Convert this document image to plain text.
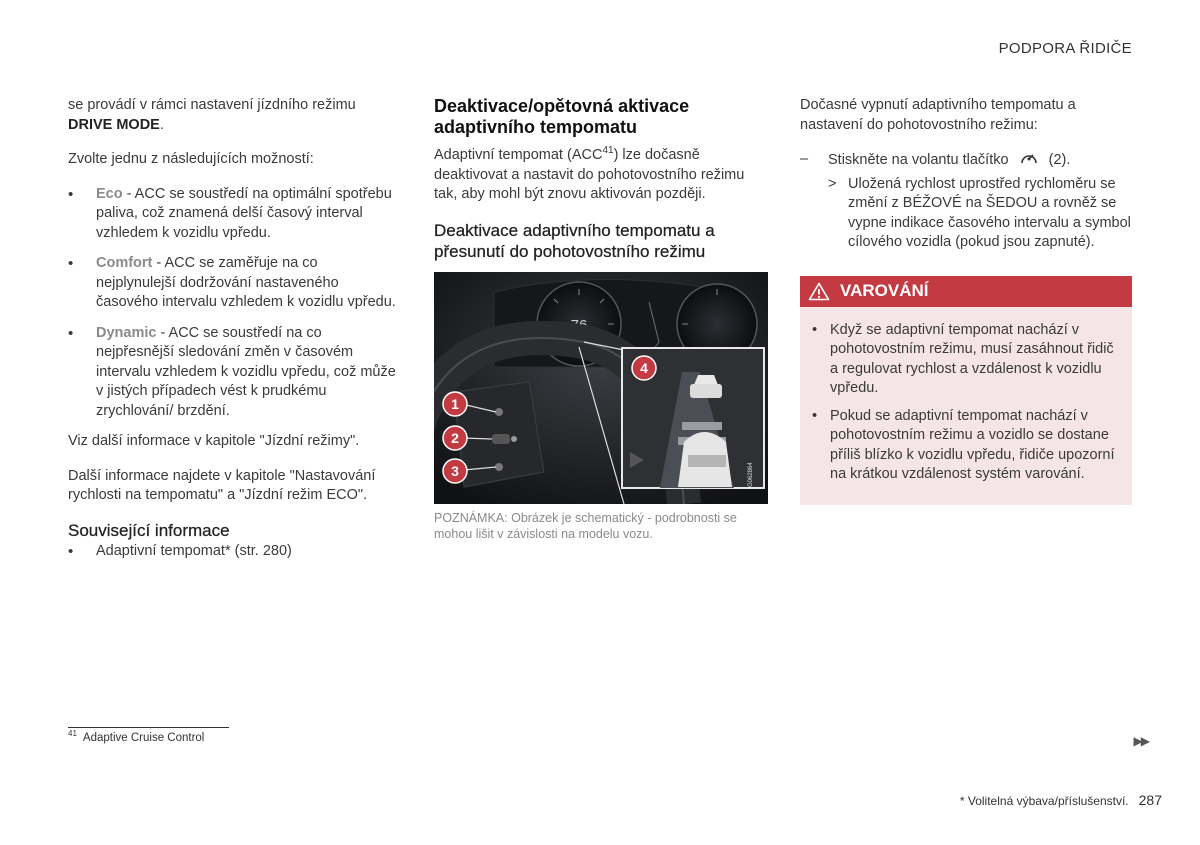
PODPORA ŘIDIČE

se provádí v rámci nastavení jízdního režimu
DRIVE MODE.

Zvolte jednu z následujících možností:

• Eco - ACC se soustředí na optimální spotřebu paliva, což znamená delší časový interval vzhledem k vozidlu vpředu.
• Comfort - ACC se zaměřuje na co nejplynulejší dodržování nastaveného časového intervalu vzhledem k vozidlu vpředu.
• Dynamic - ACC se soustředí na co nejpřesnější sledování změn v časovém intervalu vzhledem k vozidlu vpředu, což může v jistých případech vést k prudkému zrychlování/ brzdění.

Viz další informace v kapitole "Jízdní režimy".

Další informace najdete v kapitole "Nastavování rychlosti na tempomatu" a "Jízdní režim ECO".

Související informace
• Adaptivní tempomat* (str. 280)
Deaktivace/opětovná aktivace adaptivního tempomatu

Adaptivní tempomat (ACC$^{41}$) lze dočasně deaktivovat a nastavit do pohotovostního režimu tak, aby mohl být znovu aktivován později.

Deaktivace adaptivního tempomatu a přesunutí do pohotovostního režimu
76
G062864
1
2
3
4
POZNÁMKA: Obrázek je schematický - podrobnosti se mohou lišit v závislosti na modelu vozu.

Dočasné vypnutí adaptivního tempomatu a nastavení do pohotovostního režimu:

– Stiskněte na volantu tlačítko	(2).
> Uložená rychlost uprostřed rychloměru se změní z BÉŽOVÉ na ŠEDOU a rovněž se vypne indikace časového intervalu a symbol cílového vozidla (pokud jsou zapnuté).
VAROVÁNÍ
• Když se adaptivní tempomat nachází v pohotovostním režimu, musí zasáhnout řidič a regulovat rychlost a vzdálenost k vozidlu vpředu.
• Pokud se adaptivní tempomat nachází v pohotovostním režimu a vozidlo se dostane příliš blízko k vozidlu vpředu, řidiče upozorní na krátkou vzdálenost systém varování.
$^{41}$ Adaptive Cruise Control	▶▶
* Volitelná výbava/příslušenství. 287
